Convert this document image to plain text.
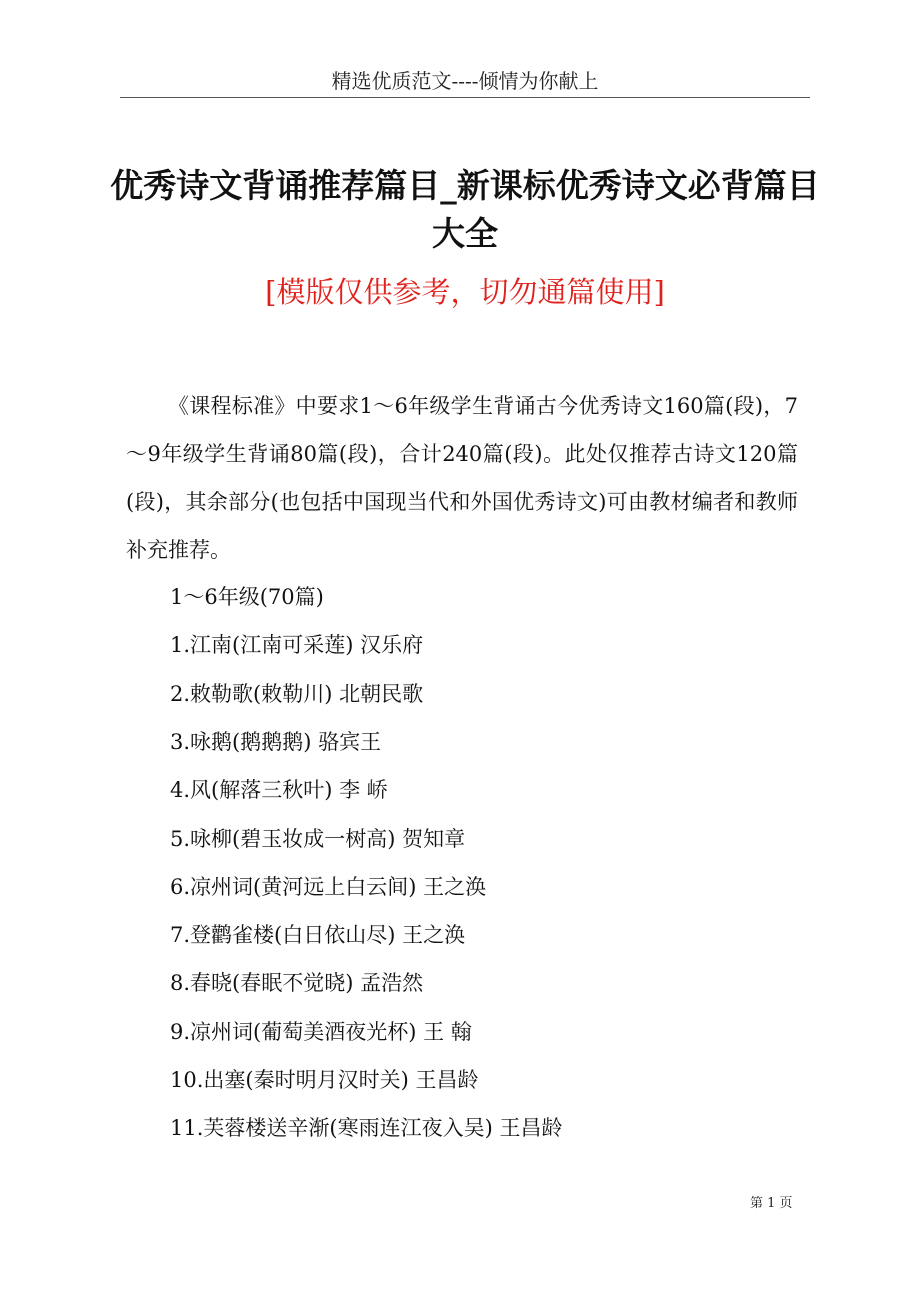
精选优质范文----倾情为你献上
优秀诗文背诵推荐篇目_新课标优秀诗文必背篇目大全
[模版仅供参考，切勿通篇使用]

《课程标准》中要求1～6年级学生背诵古今优秀诗文160篇(段)，7～9年级学生背诵80篇(段)，合计240篇(段)。此处仅推荐古诗文120篇(段)，其余部分(也包括中国现当代和外国优秀诗文)可由教材编者和教师补充推荐。

1～6年级(70篇)
1.江南(江南可采莲) 汉乐府
2.敕勒歌(敕勒川) 北朝民歌
3.咏鹅(鹅鹅鹅) 骆宾王
4.风(解落三秋叶) 李 峤
5.咏柳(碧玉妆成一树高) 贺知章
6.凉州词(黄河远上白云间) 王之涣
7.登鹳雀楼(白日依山尽) 王之涣
8.春晓(春眠不觉晓) 孟浩然
9.凉州词(葡萄美酒夜光杯) 王 翰
10.出塞(秦时明月汉时关) 王昌龄
11.芙蓉楼送辛渐(寒雨连江夜入吴) 王昌龄
第 1 页
